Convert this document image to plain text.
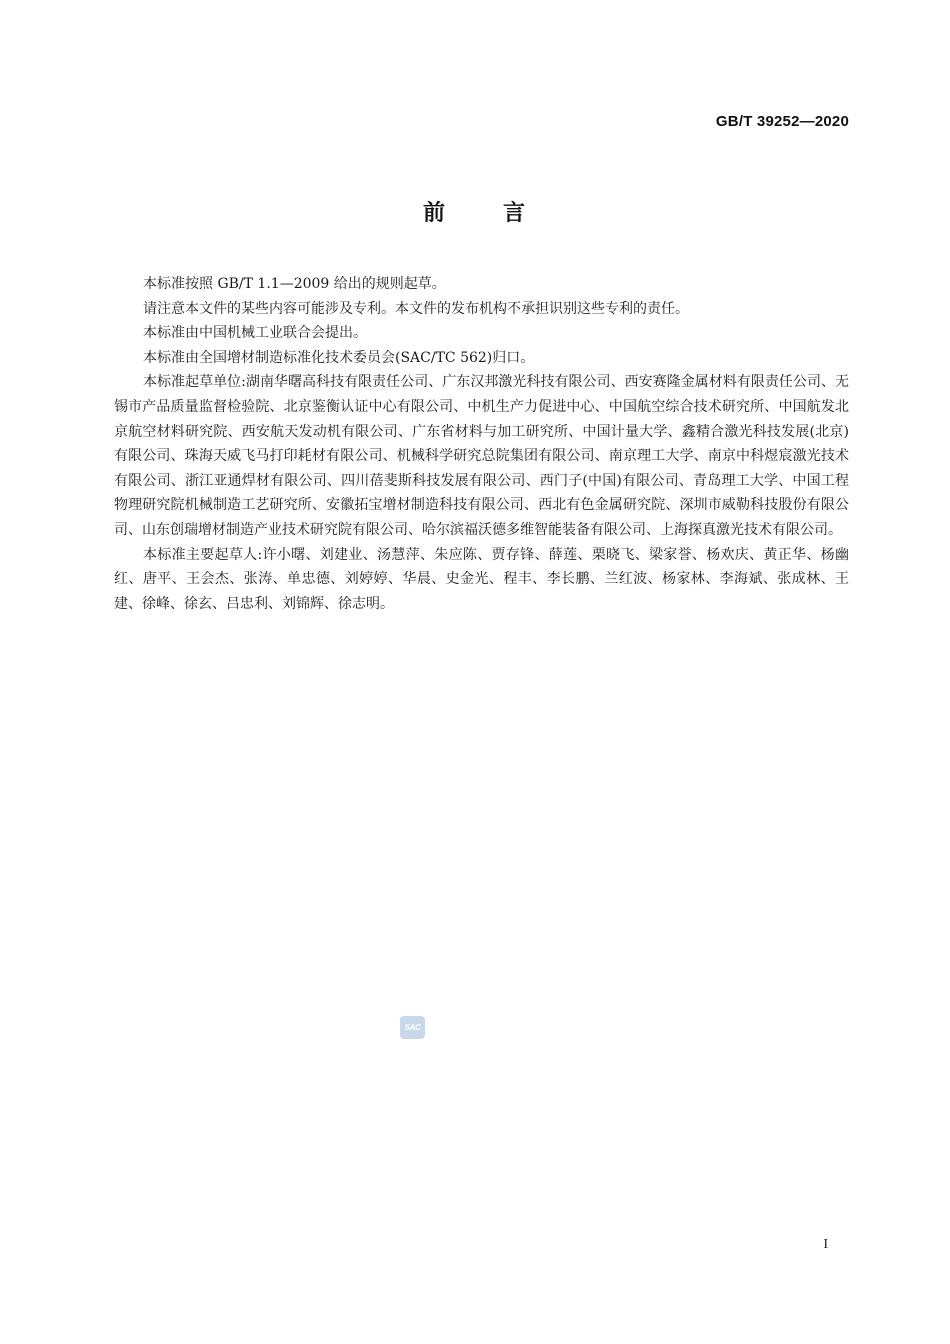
GB/T 39252—2020
前	言

本标准按照 GB/T 1.1—2009 给出的规则起草。

请注意本文件的某些内容可能涉及专利。本文件的发布机构不承担识别这些专利的责任。

本标准由中国机械工业联合会提出。

本标准由全国增材制造标准化技术委员会(SAC/TC 562)归口。

本标准起草单位:湖南华曙高科技有限责任公司、广东汉邦激光科技有限公司、西安赛隆金属材料有限责任公司、无锡市产品质量监督检验院、北京鉴衡认证中心有限公司、中机生产力促进中心、中国航空综合技术研究所、中国航发北京航空材料研究院、西安航天发动机有限公司、广东省材料与加工研究所、中国计量大学、鑫精合激光科技发展(北京)有限公司、珠海天威飞马打印耗材有限公司、机械科学研究总院集团有限公司、南京理工大学、南京中科煜宸激光技术有限公司、浙江亚通焊材有限公司、四川蓓斐斯科技发展有限公司、西门子(中国)有限公司、青岛理工大学、中国工程物理研究院机械制造工艺研究所、安徽拓宝增材制造科技有限公司、西北有色金属研究院、深圳市威勒科技股份有限公司、山东创瑞增材制造产业技术研究院有限公司、哈尔滨福沃德多维智能装备有限公司、上海探真激光技术有限公司。

本标准主要起草人:许小曙、刘建业、汤慧萍、朱应陈、贾存锋、薛莲、栗晓飞、梁家誉、杨欢庆、黄正华、杨幽红、唐平、王会杰、张涛、单忠德、刘婷婷、华晨、史金光、程丰、李长鹏、兰红波、杨家林、李海斌、张成林、王建、徐峰、徐玄、吕忠利、刘锦辉、徐志明。

SAC
I
